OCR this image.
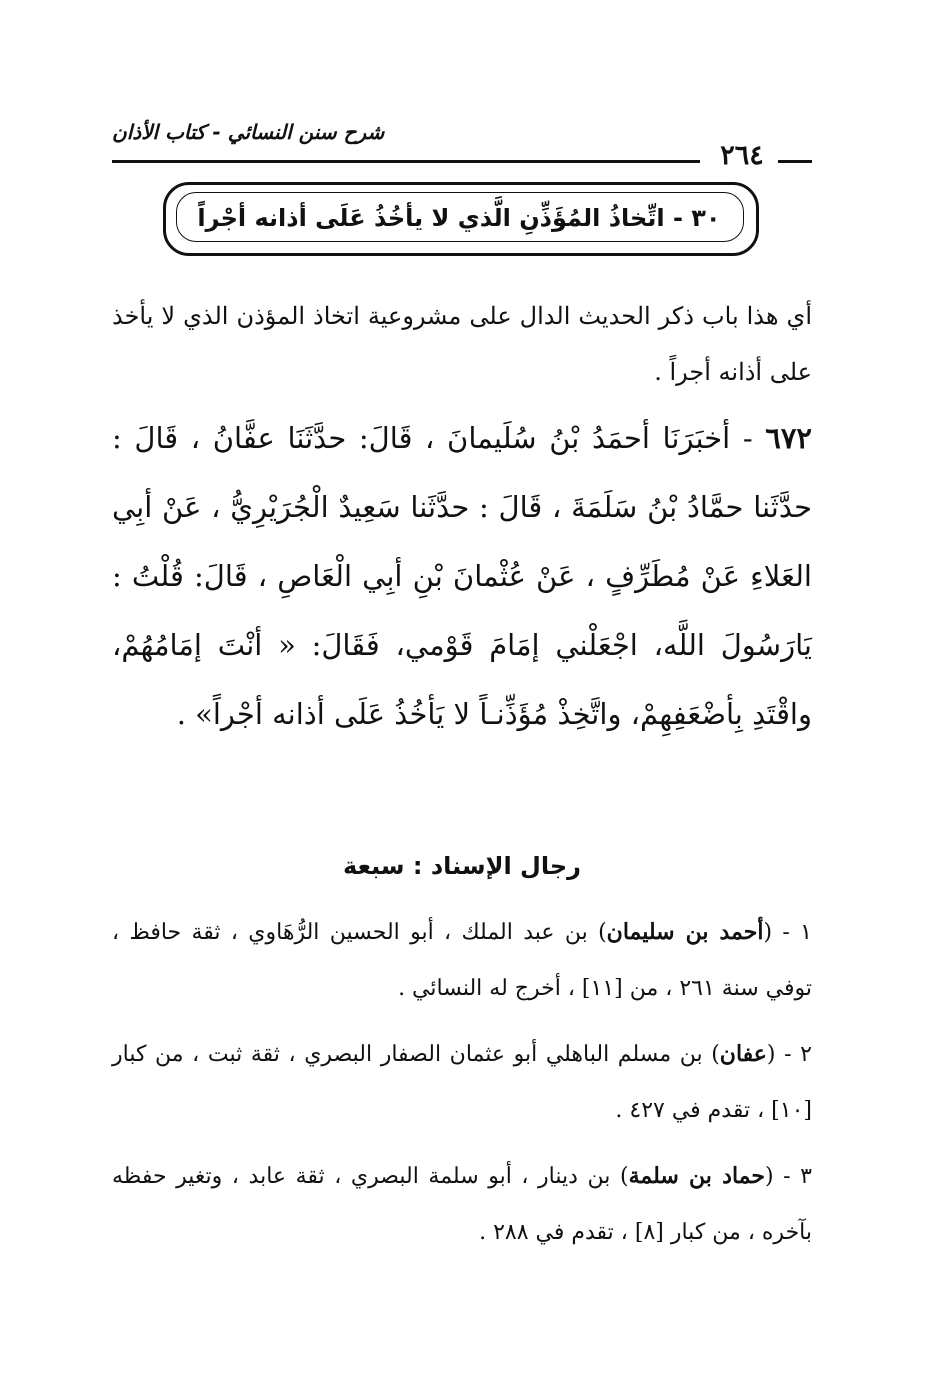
شرح سنن النسائي - كتاب الأذان
٢٦٤
٣٠ - اتِّخاذُ المُؤَذِّنِ الَّذي لا يأخُذُ عَلَى أذانه أجْراً
أي هذا باب ذكر الحديث الدال على مشروعية اتخاذ المؤذن الذي لا يأخذ على أذانه أجراً .
٦٧٢ - أخبَرَنَا أحمَدُ بْنُ سُلَيمانَ ، قَالَ: حدَّثَنَا عفَّانُ ، قَالَ : حدَّثَنا حمَّادُ بْنُ سَلَمَةَ ، قَالَ : حدَّثَنا سَعِيدٌ الْجُرَيْرِيُّ ، عَنْ أبِي العَلاءِ عَنْ مُطَرِّفٍ ، عَنْ عُثْمانَ بْنِ أبِي الْعَاصِ ، قَالَ: قُلْتُ : يَارَسُولَ اللَّه، اجْعَلْني إمَامَ قَوْمي، فَقَالَ: « أنْتَ إمَامُهُمْ، واقْتَدِ بِأضْعَفِهِمْ، واتَّخِذْ مُؤَذِّنـاً لا يَأخُذُ عَلَى أذانه أجْراً» .
رجال الإسناد : سبعة
١ - (أحمد بن سليمان) بن عبد الملك ، أبو الحسين الرُّهَاوي ، ثقة حافظ ، توفي سنة ٢٦١ ، من [١١] ، أخرج له النسائي .
٢ - (عفان) بن مسلم الباهلي أبو عثمان الصفار البصري ، ثقة ثبت ، من كبار [١٠] ، تقدم في ٤٢٧ .
٣ - (حماد بن سلمة) بن دينار ، أبو سلمة البصري ، ثقة عابد ، وتغير حفظه بآخره ، من كبار [٨] ، تقدم في ٢٨٨ .
